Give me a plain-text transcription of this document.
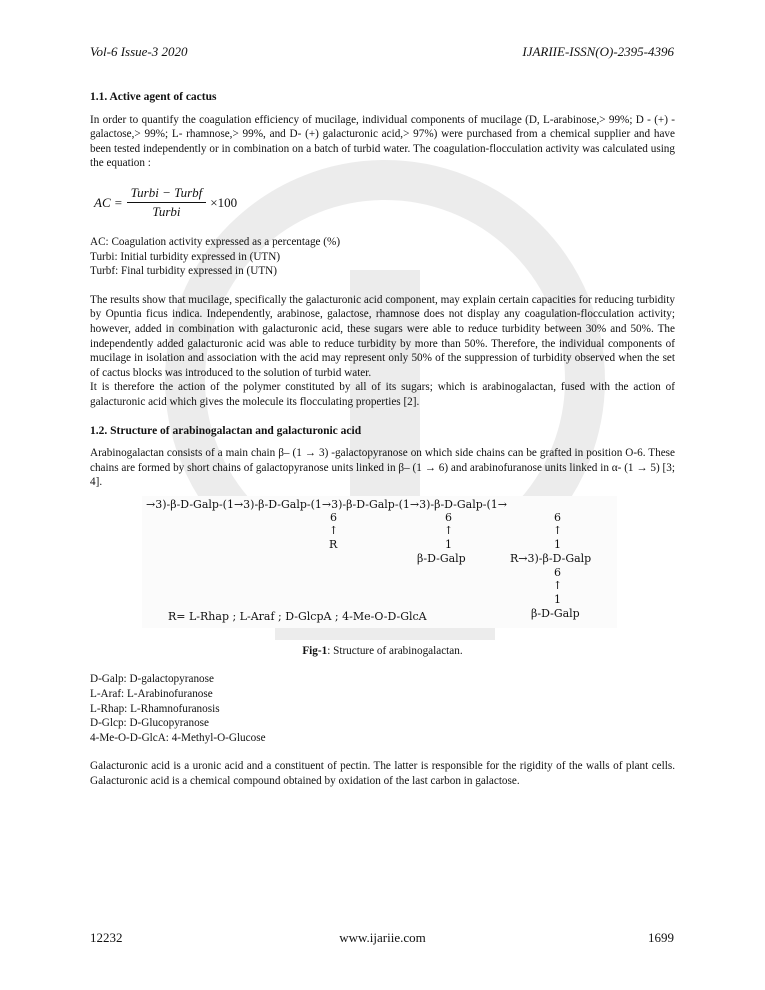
Vol-6 Issue-3 2020	IJARIIE-ISSN(O)-2395-4396
1.1. Active agent of cactus

In order to quantify the coagulation efficiency of mucilage, individual components of mucilage (D, L-arabinose,> 99%; D - (+) -galactose,> 99%; L- rhamnose,> 99%, and D- (+) galacturonic acid,> 97%) were purchased from a chemical supplier and have been tested independently or in combination on a batch of turbid water. The coagulation-flocculation activity was calculated using the equation :

AC = $\frac{\text{Turbi − Turbf}}{\text{Turbi}} \times 100$
AC: Coagulation activity expressed as a percentage (%)
Turbi: Initial turbidity expressed in (UTN)
Turbf: Final turbidity expressed in (UTN)

The results show that mucilage, specifically the galacturonic acid component, may explain certain capacities for reducing turbidity by Opuntia ficus indica. Independently, arabinose, galactose, rhamnose does not display any coagulation-flocculation activity; however, added in combination with galacturonic acid, these sugars were able to reduce turbidity between 30% and 50%. The independently added galacturonic acid was able to reduce turbidity by more than 50%. Therefore, the individual components of mucilage in isolation and association with the acid may represent only 50% of the suppression of turbidity observed when the set of cactus blocks was introduced to the solution of turbid water.

It is therefore the action of the polymer constituted by all of its sugars; which is arabinogalactan, fused with the action of galacturonic acid which gives the molecule its flocculating properties [2].

1.2. Structure of arabinogalactan and galacturonic acid

Arabinogalactan consists of a main chain β– (1 → 3) -galactopyranose on which side chains can be grafted in position O-6. These chains are formed by short chains of galactopyranose units linked in β– (1 → 6) and arabinofuranose units linked in α- (1 → 5) [3; 4].

→3)-β-D-Galp-(1→3)-β-D-Galp-(1→3)-β-D-Galp-(1→3)-β-D-Galp-(1→
6
↑
R
6
↑
1
β-D-Galp
6
↑
1
R→3)-β-D-Galp
6
↑
1
β-D-Galp
R= L-Rhap ; L-Araf ; D-GlcpA ; 4-Me-O-D-GlcA
Fig-1: Structure of arabinogalactan.
D-Galp: D-galactopyranose
L-Araf: L-Arabinofuranose
L-Rhap: L-Rhamnofuranosis
D-Glcp: D-Glucopyranose
4-Me-O-D-GlcA: 4-Methyl-O-Glucose

Galacturonic acid is a uronic acid and a constituent of pectin. The latter is responsible for the rigidity of the walls of plant cells. Galacturonic acid is a chemical compound obtained by oxidation of the last carbon in galactose.

12232	www.ijariie.com	1699
